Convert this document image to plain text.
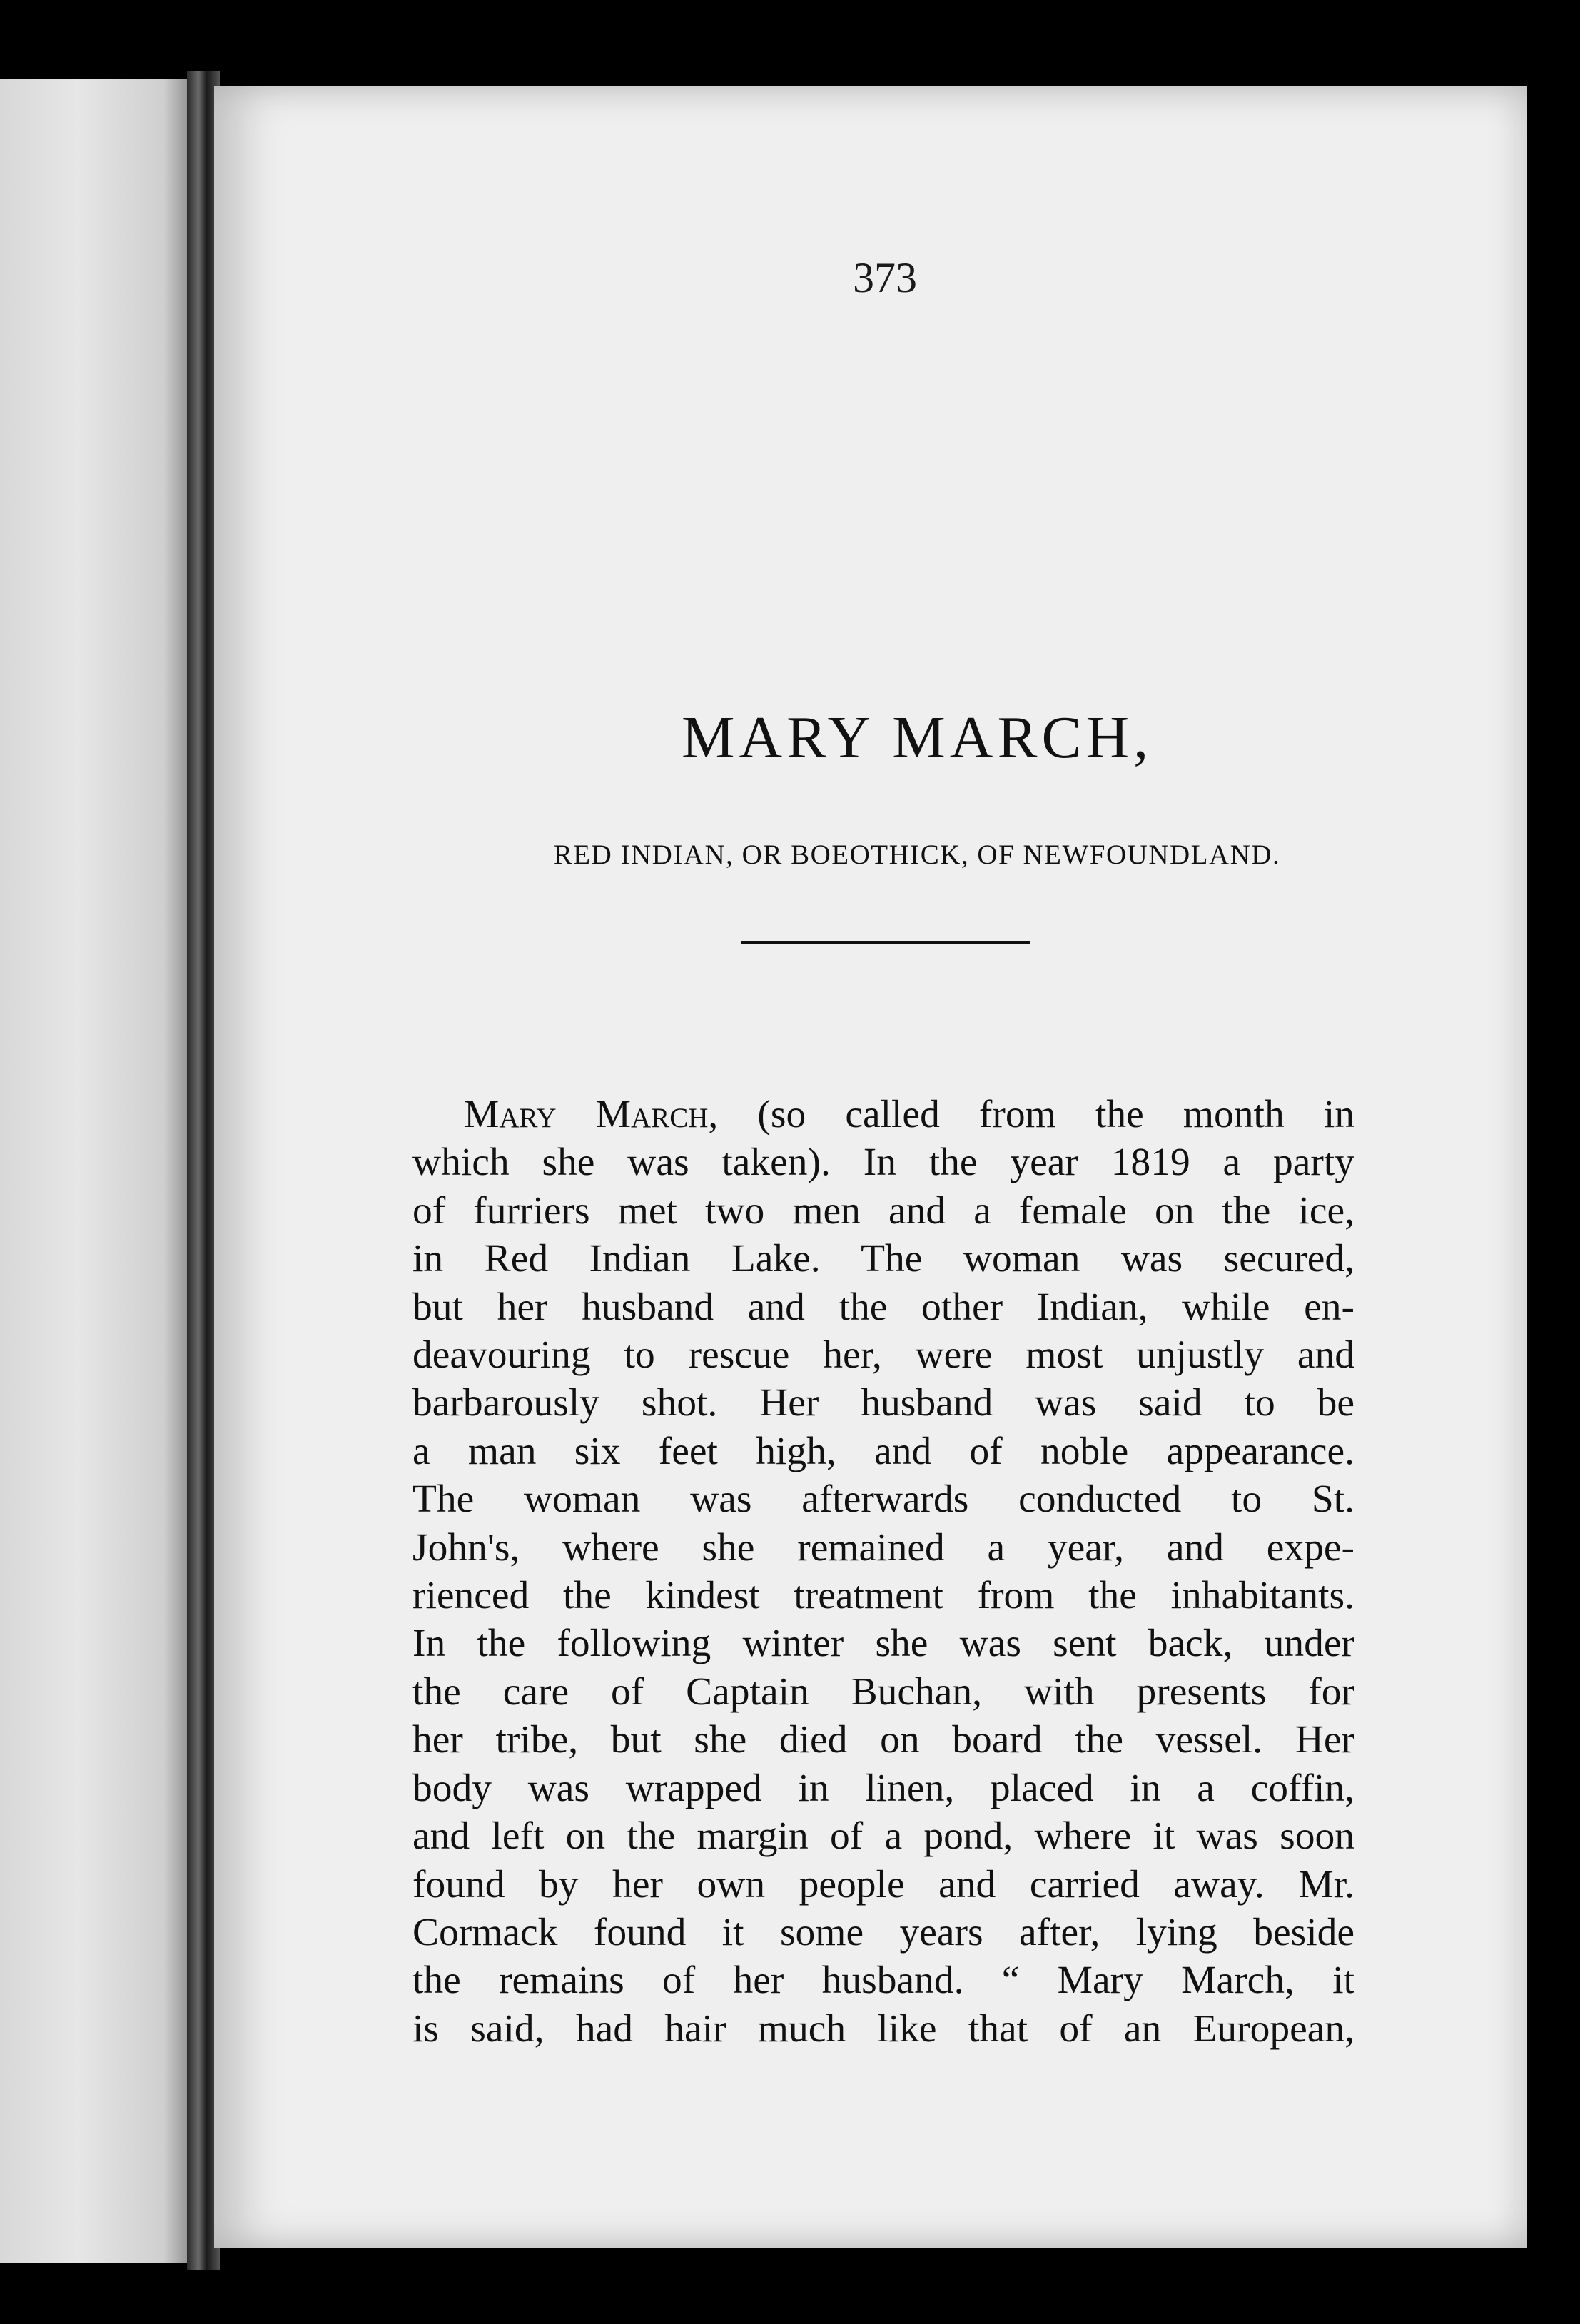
373
MARY MARCH,
RED INDIAN, OR BOEOTHICK, OF NEWFOUNDLAND.
Mary March, (so called from the month in
which she was taken). In the year 1819 a party
of furriers met two men and a female on the ice,
in Red Indian Lake. The woman was secured,
but her husband and the other Indian, while en-
deavouring to rescue her, were most unjustly and
barbarously shot. Her husband was said to be
a man six feet high, and of noble appearance.
The woman was afterwards conducted to St.
John's, where she remained a year, and expe-
rienced the kindest treatment from the inhabitants.
In the following winter she was sent back, under
the care of Captain Buchan, with presents for
her tribe, but she died on board the vessel. Her
body was wrapped in linen, placed in a coffin,
and left on the margin of a pond, where it was soon
found by her own people and carried away. Mr.
Cormack found it some years after, lying beside
the remains of her husband. “ Mary March, it
is said, had hair much like that of an European,
